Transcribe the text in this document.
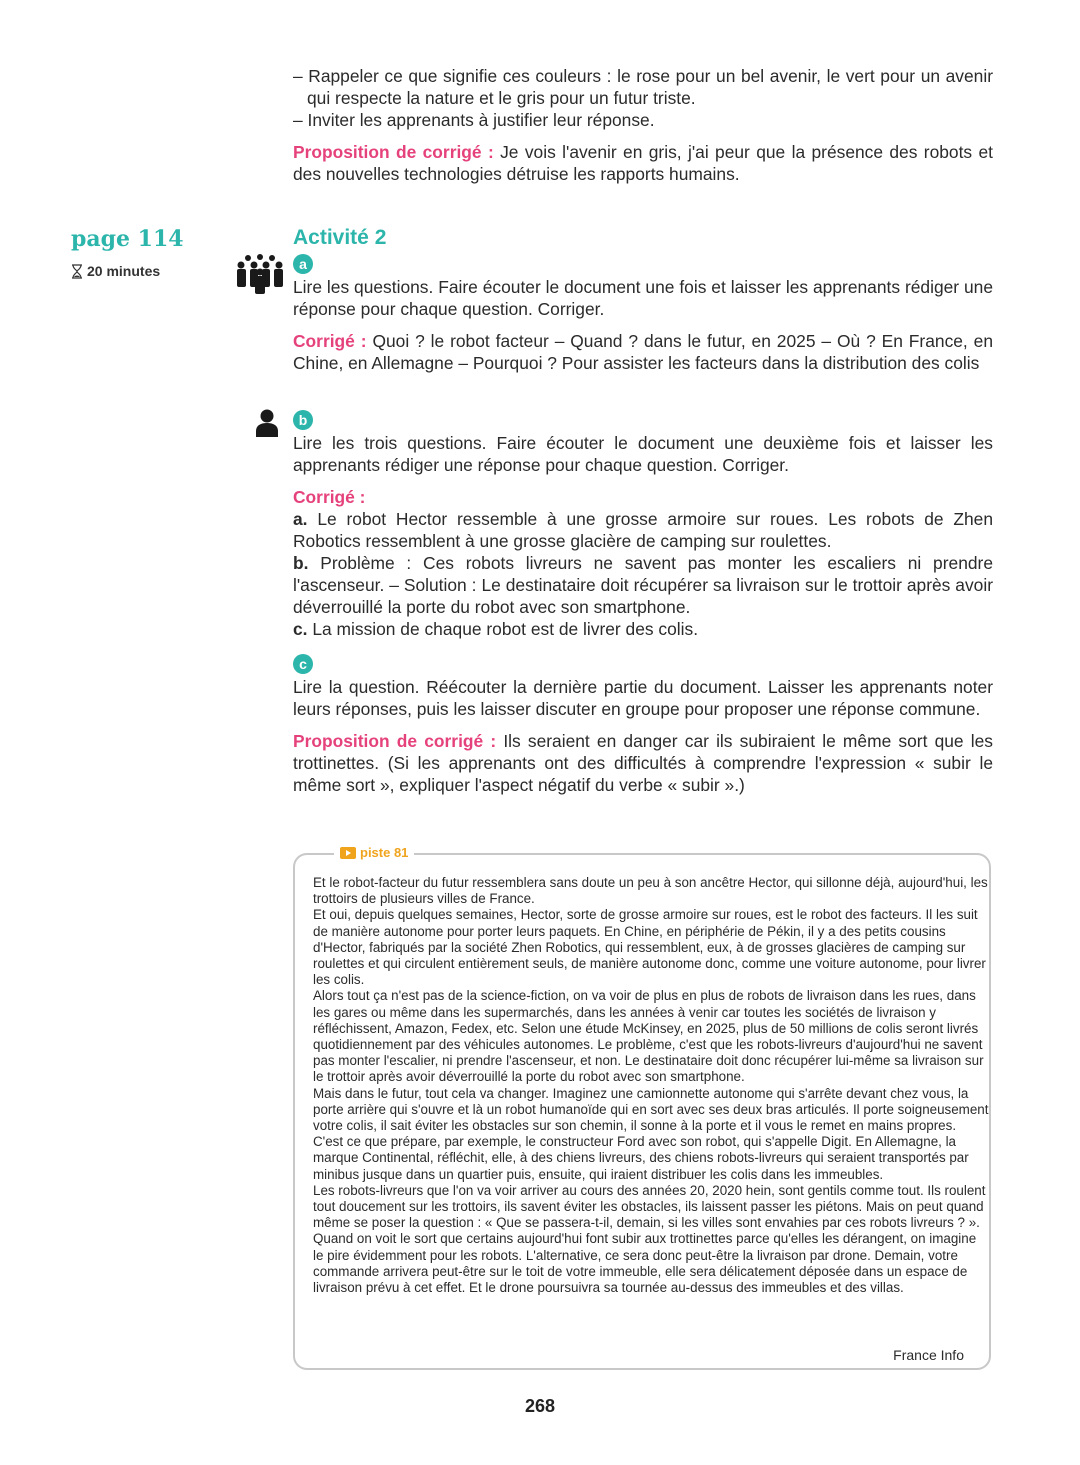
– Rappeler ce que signifie ces couleurs : le rose pour un bel avenir, le vert pour un avenir qui respecte la nature et le gris pour un futur triste.

– Inviter les apprenants à justifier leur réponse.

Proposition de corrigé : Je vois l'avenir en gris, j'ai peur que la présence des robots et des nouvelles technologies détruise les rapports humains.

page 114
20 minutes
Activité 2
a

Lire les questions. Faire écouter le document une fois et laisser les apprenants rédiger une réponse pour chaque question. Corriger.

Corrigé : Quoi ? le robot facteur – Quand ? dans le futur, en 2025 – Où ? En France, en Chine, en Allemagne – Pourquoi ? Pour assister les facteurs dans la distribution des colis

b

Lire les trois questions. Faire écouter le document une deuxième fois et laisser les apprenants rédiger une réponse pour chaque question. Corriger.

Corrigé :

a. Le robot Hector ressemble à une grosse armoire sur roues. Les robots de Zhen Robotics ressemblent à une grosse glacière de camping sur roulettes.

b. Problème : Ces robots livreurs ne savent pas monter les escaliers ni prendre l'ascenseur. – Solution : Le destinataire doit récupérer sa livraison sur le trottoir après avoir déverrouillé la porte du robot avec son smartphone.

c. La mission de chaque robot est de livrer des colis.

c

Lire la question. Réécouter la dernière partie du document. Laisser les apprenants noter leurs réponses, puis les laisser discuter en groupe pour proposer une réponse commune.

Proposition de corrigé : Ils seraient en danger car ils subiraient le même sort que les trottinettes. (Si les apprenants ont des difficultés à comprendre l'expression « subir le même sort », expliquer l'aspect négatif du verbe « subir ».)

piste 81

Et le robot-facteur du futur ressemblera sans doute un peu à son ancêtre Hector, qui sillonne déjà, aujourd'hui, les trottoirs de plusieurs villes de France.

Et oui, depuis quelques semaines, Hector, sorte de grosse armoire sur roues, est le robot des facteurs. Il les suit de manière autonome pour porter leurs paquets. En Chine, en périphérie de Pékin, il y a des petits cousins d'Hector, fabriqués par la société Zhen Robotics, qui ressemblent, eux, à de grosses glacières de camping sur roulettes et qui circulent entièrement seuls, de manière autonome donc, comme une voiture autonome, pour livrer les colis.

Alors tout ça n'est pas de la science-fiction, on va voir de plus en plus de robots de livraison dans les rues, dans les gares ou même dans les supermarchés, dans les années à venir car toutes les sociétés de livraison y réfléchissent, Amazon, Fedex, etc. Selon une étude McKinsey, en 2025, plus de 50 millions de colis seront livrés quotidiennement par des véhicules autonomes. Le problème, c'est que les robots-livreurs d'aujourd'hui ne savent pas monter l'escalier, ni prendre l'ascenseur, et non. Le destinataire doit donc récupérer lui-même sa livraison sur le trottoir après avoir déverrouillé la porte du robot avec son smartphone.

Mais dans le futur, tout cela va changer. Imaginez une camionnette autonome qui s'arrête devant chez vous, la porte arrière qui s'ouvre et là un robot humanoïde qui en sort avec ses deux bras articulés. Il porte soigneusement votre colis, il sait éviter les obstacles sur son chemin, il sonne à la porte et il vous le remet en mains propres. C'est ce que prépare, par exemple, le constructeur Ford avec son robot, qui s'appelle Digit. En Allemagne, la marque Continental, réfléchit, elle, à des chiens livreurs, des chiens robots-livreurs qui seraient transportés par minibus jusque dans un quartier puis, ensuite, qui iraient distribuer les colis dans les immeubles.

Les robots-livreurs que l'on va voir arriver au cours des années 20, 2020 hein, sont gentils comme tout. Ils roulent tout doucement sur les trottoirs, ils savent éviter les obstacles, ils laissent passer les piétons. Mais on peut quand même se poser la question : « Que se passera-t-il, demain, si les villes sont envahies par ces robots livreurs ? ». Quand on voit le sort que certains aujourd'hui font subir aux trottinettes parce qu'elles les dérangent, on imagine le pire évidemment pour les robots. L'alternative, ce sera donc peut-être la livraison par drone. Demain, votre commande arrivera peut-être sur le toit de votre immeuble, elle sera délicatement déposée dans un espace de livraison prévu à cet effet. Et le drone poursuivra sa tournée au-dessus des immeubles et des villas.

France Info
268
